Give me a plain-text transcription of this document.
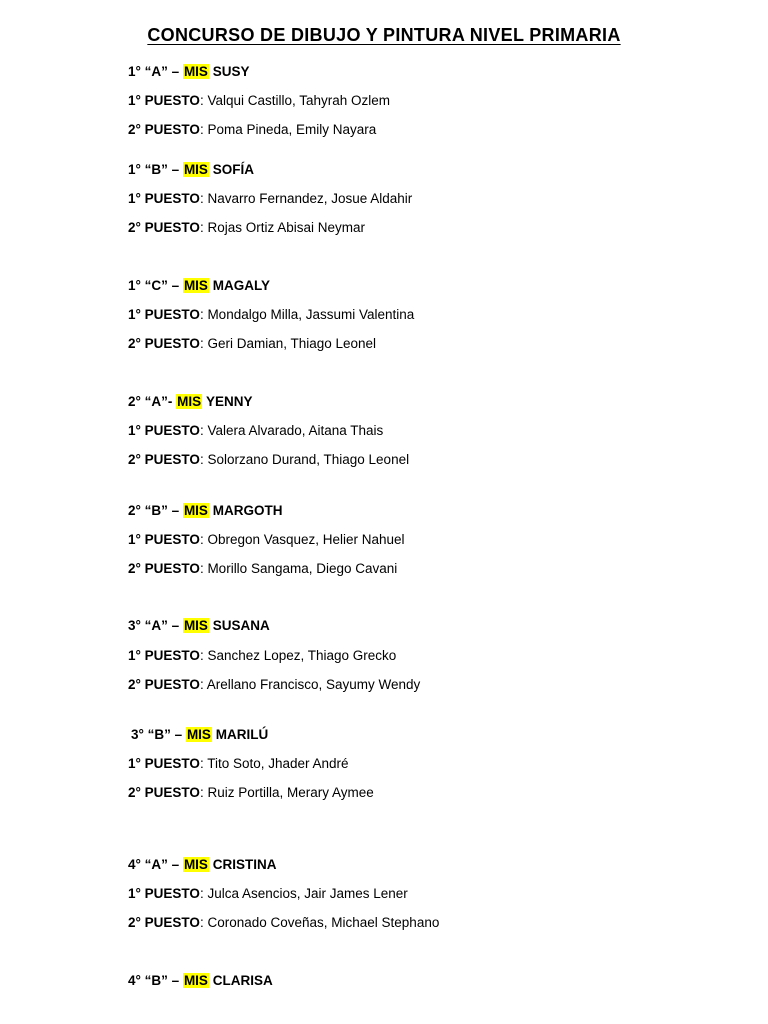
CONCURSO DE DIBUJO Y PINTURA NIVEL PRIMARIA
1° “A” – MIS SUSY
1° PUESTO: Valqui Castillo, Tahyrah Ozlem
2° PUESTO: Poma Pineda, Emily Nayara
1° “B” – MIS SOFÍA
1° PUESTO: Navarro Fernandez, Josue Aldahir
2° PUESTO: Rojas Ortiz Abisai Neymar
1° “C” – MIS MAGALY
1° PUESTO: Mondalgo Milla, Jassumi Valentina
2° PUESTO: Geri Damian, Thiago Leonel
2° “A”- MIS YENNY
1° PUESTO: Valera Alvarado, Aitana Thais
2° PUESTO: Solorzano Durand, Thiago Leonel
2° “B” – MIS MARGOTH
1° PUESTO: Obregon Vasquez, Helier Nahuel
2° PUESTO: Morillo Sangama, Diego Cavani
3° “A” – MIS SUSANA
1° PUESTO: Sanchez Lopez, Thiago Grecko
2° PUESTO: Arellano Francisco, Sayumy Wendy
3° “B” – MIS MARILÚ
1° PUESTO: Tito Soto, Jhader André
2° PUESTO: Ruiz Portilla, Merary Aymee
4° “A” – MIS CRISTINA
1° PUESTO: Julca Asencios, Jair James Lener
2° PUESTO: Coronado Coveñas, Michael Stephano
4° “B” – MIS CLARISA
